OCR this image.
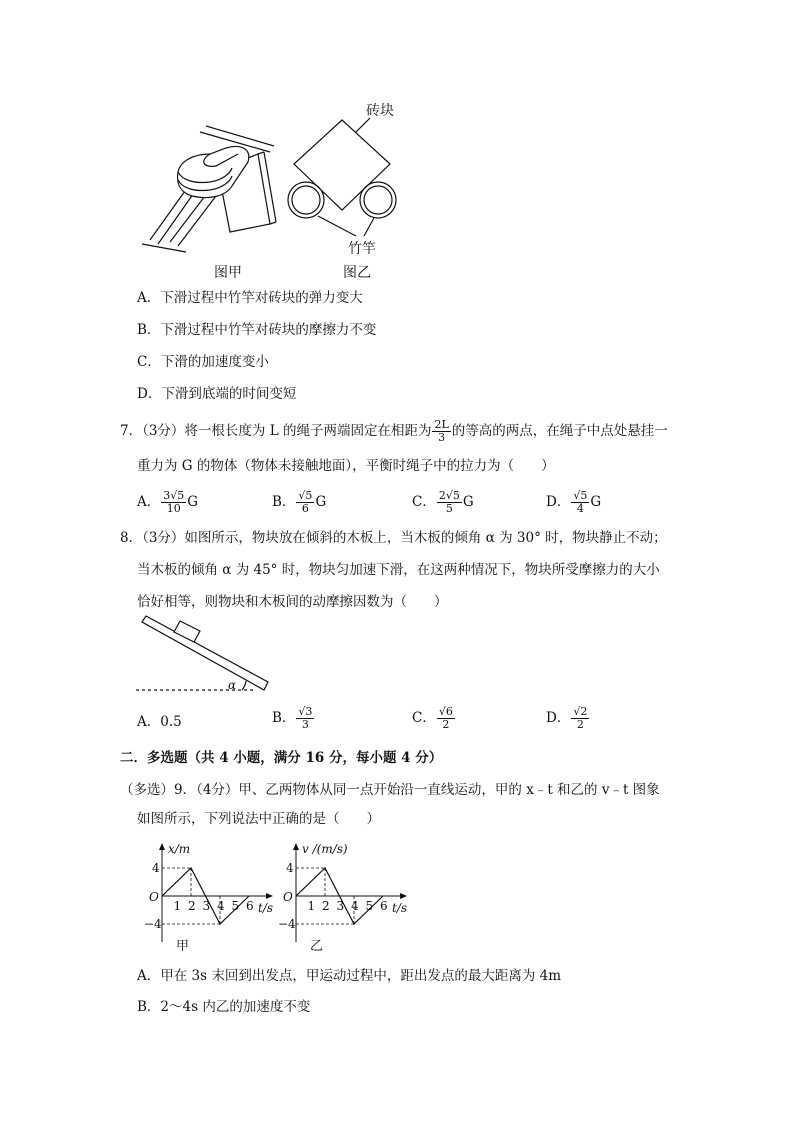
砖块
竹竿
图甲	图乙
A．下滑过程中竹竿对砖块的弹力变大
B．下滑过程中竹竿对砖块的摩擦力不变
C．下滑的加速度变小
D．下滑到底端的时间变短
7．（3分）将一根长度为 L 的绳子两端固定在相距为 $\frac{2L}{3}$ 的等高的两点，在绳子中点处悬挂一
重力为 G 的物体（物体未接触地面），平衡时绳子中的拉力为（　　）
A． $\frac{3√5}{10}$ G	B． $\frac{√5}{6}$ G	C． $\frac{2√5}{5}$ G	D． $\frac{√5}{4}$ G
8．（3分）如图所示，物块放在倾斜的木板上，当木板的倾角 α 为 30° 时，物块静止不动；
当木板的倾角 α 为 45° 时，物块匀加速下滑，在这两种情况下，物块所受摩擦力的大小
恰好相等，则物块和木板间的动摩擦因数为（　　）
α
A．0.5	B． $\frac{√3}{3}$	C． $\frac{√6}{2}$	D． $\frac{√2}{2}$
二．多选题（共 4 小题，满分 16 分，每小题 4 分）
（多选）9．（4分）甲、乙两物体从同一点开始沿一直线运动，甲的 x﹣t 和乙的 v﹣t 图象
如图所示，下列说法中正确的是（　　）
x/m
t/s
O
4
−4
1 2 3 4 5 6
甲
v /(m/s)
t/s
O
4
−4
1 2 3 4 5 6
乙
A．甲在 3s 末回到出发点，甲运动过程中，距出发点的最大距离为 4m
B．2～4s 内乙的加速度不变
